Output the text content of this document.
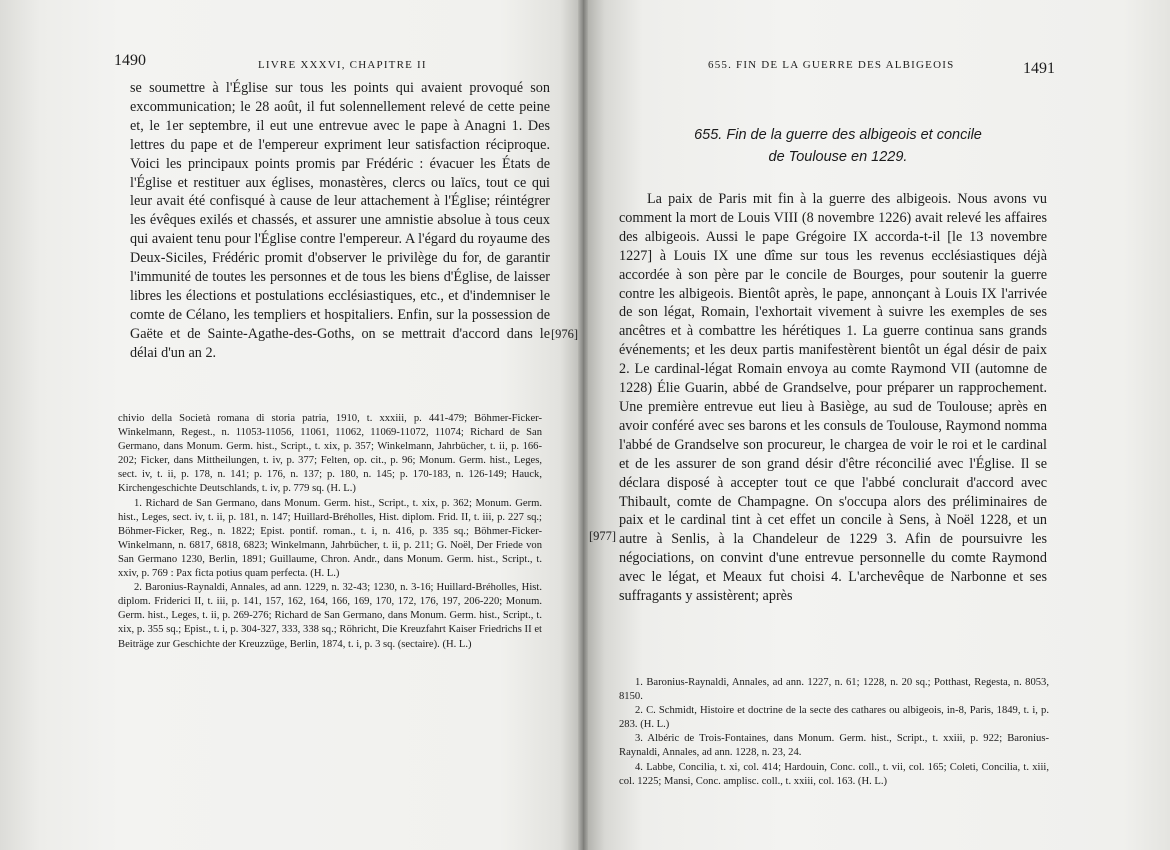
1490	LIVRE XXXVI, CHAPITRE II

se soumettre à l'Église sur tous les points qui avaient provoqué son excommunication; le 28 août, il fut solennellement relevé de cette peine et, le 1er septembre, il eut une entrevue avec le pape à Anagni 1. Des lettres du pape et de l'empereur expriment leur satisfaction réciproque. Voici les principaux points promis par Frédéric : évacuer les États de l'Église et restituer aux églises, monastères, clercs ou laïcs, tout ce qui leur avait été confisqué à cause de leur attachement à l'Église; réintégrer les évêques exilés et chassés, et assurer une amnistie absolue à tous ceux qui avaient tenu pour l'Église contre l'empereur. A l'égard du royaume des Deux-Siciles, Frédéric promit d'observer le privilège du for, de garantir l'immunité de toutes les personnes et de tous les biens d'Église, de laisser libres les élections et postulations ecclésiastiques, etc., et d'indemniser le comte de Célano, les templiers et hospitaliers. Enfin, sur la possession de Gaëte et de Sainte-Agathe-des-Goths, on se mettrait d'accord dans le délai d'un an 2.

[976]

chivio della Società romana di storia patria, 1910, t. xxxiii, p. 441-479; Böhmer-Ficker-Winkelmann, Regest., n. 11053-11056, 11061, 11062, 11069-11072, 11074; Richard de San Germano, dans Monum. Germ. hist., Script., t. xix, p. 357; Winkelmann, Jahrbücher, t. ii, p. 166-202; Ficker, dans Mittheilungen, t. iv, p. 377; Felten, op. cit., p. 96; Monum. Germ. hist., Leges, sect. iv, t. ii, p. 178, n. 141; p. 176, n. 137; p. 180, n. 145; p. 170-183, n. 126-149; Hauck, Kirchengeschichte Deutschlands, t. iv, p. 779 sq. (H. L.)

1. Richard de San Germano, dans Monum. Germ. hist., Script., t. xix, p. 362; Monum. Germ. hist., Leges, sect. iv, t. ii, p. 181, n. 147; Huillard-Bréholles, Hist. diplom. Frid. II, t. iii, p. 227 sq.; Böhmer-Ficker, Reg., n. 1822; Epist. pontif. roman., t. i, n. 416, p. 335 sq.; Böhmer-Ficker-Winkelmann, n. 6817, 6818, 6823; Winkelmann, Jahrbücher, t. ii, p. 211; G. Noël, Der Friede von San Germano 1230, Berlin, 1891; Guillaume, Chron. Andr., dans Monum. Germ. hist., Script., t. xxiv, p. 769 : Pax ficta potius quam perfecta. (H. L.)

2. Baronius-Raynaldi, Annales, ad ann. 1229, n. 32-43; 1230, n. 3-16; Huillard-Bréholles, Hist. diplom. Friderici II, t. iii, p. 141, 157, 162, 164, 166, 169, 170, 172, 176, 197, 206-220; Monum. Germ. hist., Leges, t. ii, p. 269-276; Richard de San Germano, dans Monum. Germ. hist., Script., t. xix, p. 355 sq.; Epist., t. i, p. 304-327, 333, 338 sq.; Röhricht, Die Kreuzfahrt Kaiser Friedrichs II et Beiträge zur Geschichte der Kreuzzüge, Berlin, 1874, t. i, p. 3 sq. (sectaire). (H. L.)

655. FIN DE LA GUERRE DES ALBIGEOIS	1491
655. Fin de la guerre des albigeois et concile
de Toulouse en 1229.

La paix de Paris mit fin à la guerre des albigeois. Nous avons vu comment la mort de Louis VIII (8 novembre 1226) avait relevé les affaires des albigeois. Aussi le pape Grégoire IX accorda-t-il [le 13 novembre 1227] à Louis IX une dîme sur tous les revenus ecclésiastiques déjà accordée à son père par le concile de Bourges, pour soutenir la guerre contre les albigeois. Bientôt après, le pape, annonçant à Louis IX l'arrivée de son légat, Romain, l'exhortait vivement à suivre les exemples de ses ancêtres et à combattre les hérétiques 1. La guerre continua sans grands événements; et les deux partis manifestèrent bientôt un égal désir de paix 2. Le cardinal-légat Romain envoya au comte Raymond VII (automne de 1228) Élie Guarin, abbé de Grandselve, pour préparer un rapprochement. Une première entrevue eut lieu à Basiège, au sud de Toulouse; après en avoir conféré avec ses barons et les consuls de Toulouse, Raymond nomma l'abbé de Grandselve son procureur, le chargea de voir le roi et le cardinal et de les assurer de son grand désir d'être réconcilié avec l'Église. Il se déclara disposé à accepter tout ce que l'abbé conclurait d'accord avec Thibault, comte de Champagne. On s'occupa alors des préliminaires de paix et le cardinal tint à cet effet un concile à Sens, à Noël 1228, et un autre à Senlis, à la Chandeleur de 1229 3. Afin de poursuivre les négociations, on convint d'une entrevue personnelle du comte Raymond avec le légat, et Meaux fut choisi 4. L'archevêque de Narbonne et ses suffragants y assistèrent; après

[977]

1. Baronius-Raynaldi, Annales, ad ann. 1227, n. 61; 1228, n. 20 sq.; Potthast, Regesta, n. 8053, 8150.

2. C. Schmidt, Histoire et doctrine de la secte des cathares ou albigeois, in-8, Paris, 1849, t. i, p. 283. (H. L.)

3. Albéric de Trois-Fontaines, dans Monum. Germ. hist., Script., t. xxiii, p. 922; Baronius-Raynaldi, Annales, ad ann. 1228, n. 23, 24.

4. Labbe, Concilia, t. xi, col. 414; Hardouin, Conc. coll., t. vii, col. 165; Coleti, Concilia, t. xiii, col. 1225; Mansi, Conc. amplisс. coll., t. xxiii, col. 163. (H. L.)
